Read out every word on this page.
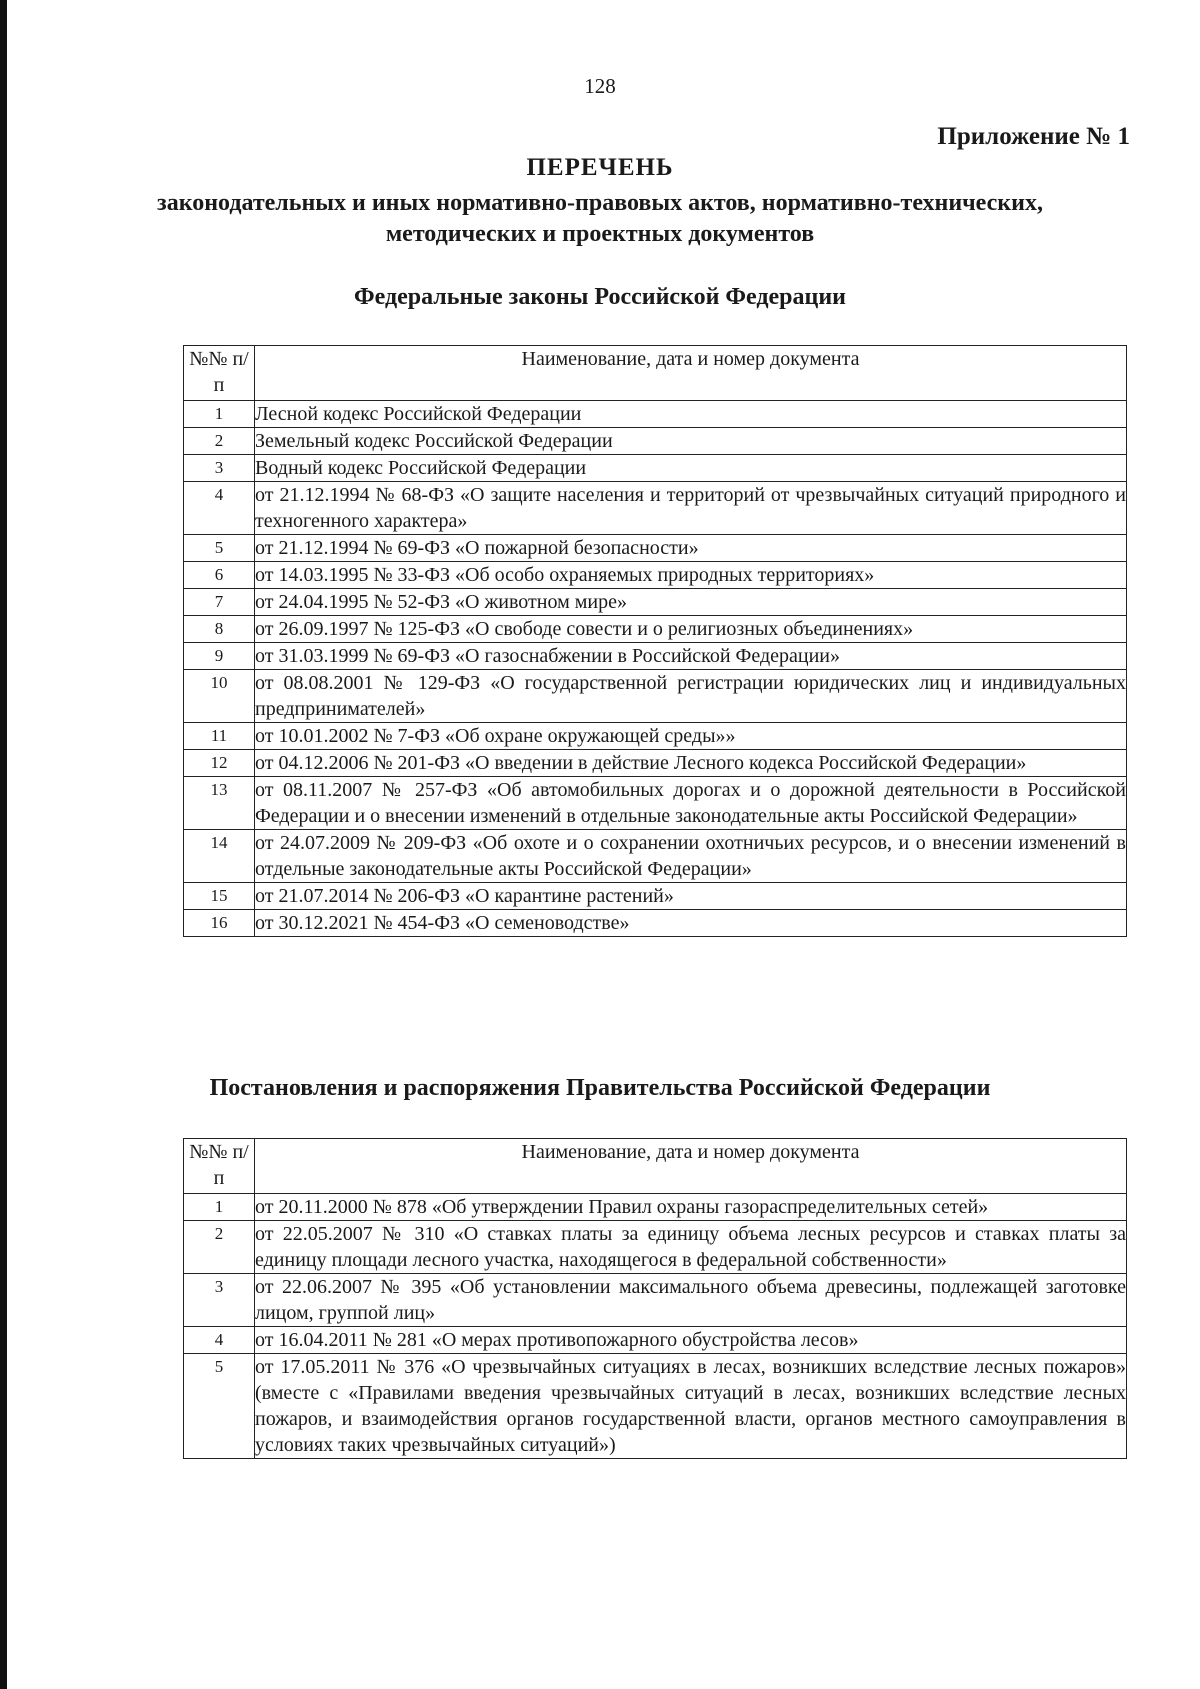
128
Приложение № 1
ПЕРЕЧЕНЬ
законодательных и иных нормативно-правовых актов, нормативно-технических, методических и проектных документов
Федеральные законы Российской Федерации
№№ п/п	Наименование, дата и номер документа
1	Лесной кодекс Российской Федерации
2	Земельный кодекс Российской Федерации
3	Водный кодекс Российской Федерации
4	от 21.12.1994 № 68-ФЗ «О защите населения и территорий от чрезвычайных ситуаций природного и техногенного характера»
5	от 21.12.1994 № 69-ФЗ «О пожарной безопасности»
6	от 14.03.1995 № 33-ФЗ «Об особо охраняемых природных территориях»
7	от 24.04.1995 № 52-ФЗ «О животном мире»
8	от 26.09.1997 № 125-ФЗ «О свободе совести и о религиозных объединениях»
9	от 31.03.1999 № 69-ФЗ «О газоснабжении в Российской Федерации»
10	от 08.08.2001 № 129-ФЗ «О государственной регистрации юридических лиц и индивидуальных предпринимателей»
11	от 10.01.2002 № 7-ФЗ «Об охране окружающей среды»»
12	от 04.12.2006 № 201-ФЗ «О введении в действие Лесного кодекса Российской Федерации»
13	от 08.11.2007 № 257-ФЗ «Об автомобильных дорогах и о дорожной деятельности в Российской Федерации и о внесении изменений в отдельные законодательные акты Российской Федерации»
14	от 24.07.2009 № 209-ФЗ «Об охоте и о сохранении охотничьих ресурсов, и о внесении изменений в отдельные законодательные акты Российской Федерации»
15	от 21.07.2014 № 206-ФЗ «О карантине растений»
16	от 30.12.2021 № 454-ФЗ «О семеноводстве»
Постановления и распоряжения Правительства Российской Федерации
№№ п/п	Наименование, дата и номер документа
1	от 20.11.2000 № 878 «Об утверждении Правил охраны газораспределительных сетей»
2	от 22.05.2007 № 310 «О ставках платы за единицу объема лесных ресурсов и ставках платы за единицу площади лесного участка, находящегося в федеральной собственности»
3	от 22.06.2007 № 395 «Об установлении максимального объема древесины, подлежащей заготовке лицом, группой лиц»
4	от 16.04.2011 № 281 «О мерах противопожарного обустройства лесов»
5	от 17.05.2011 № 376 «О чрезвычайных ситуациях в лесах, возникших вследствие лесных пожаров» (вместе с «Правилами введения чрезвычайных ситуаций в лесах, возникших вследствие лесных пожаров, и взаимодействия органов государственной власти, органов местного самоуправления в условиях таких чрезвычайных ситуаций»)
